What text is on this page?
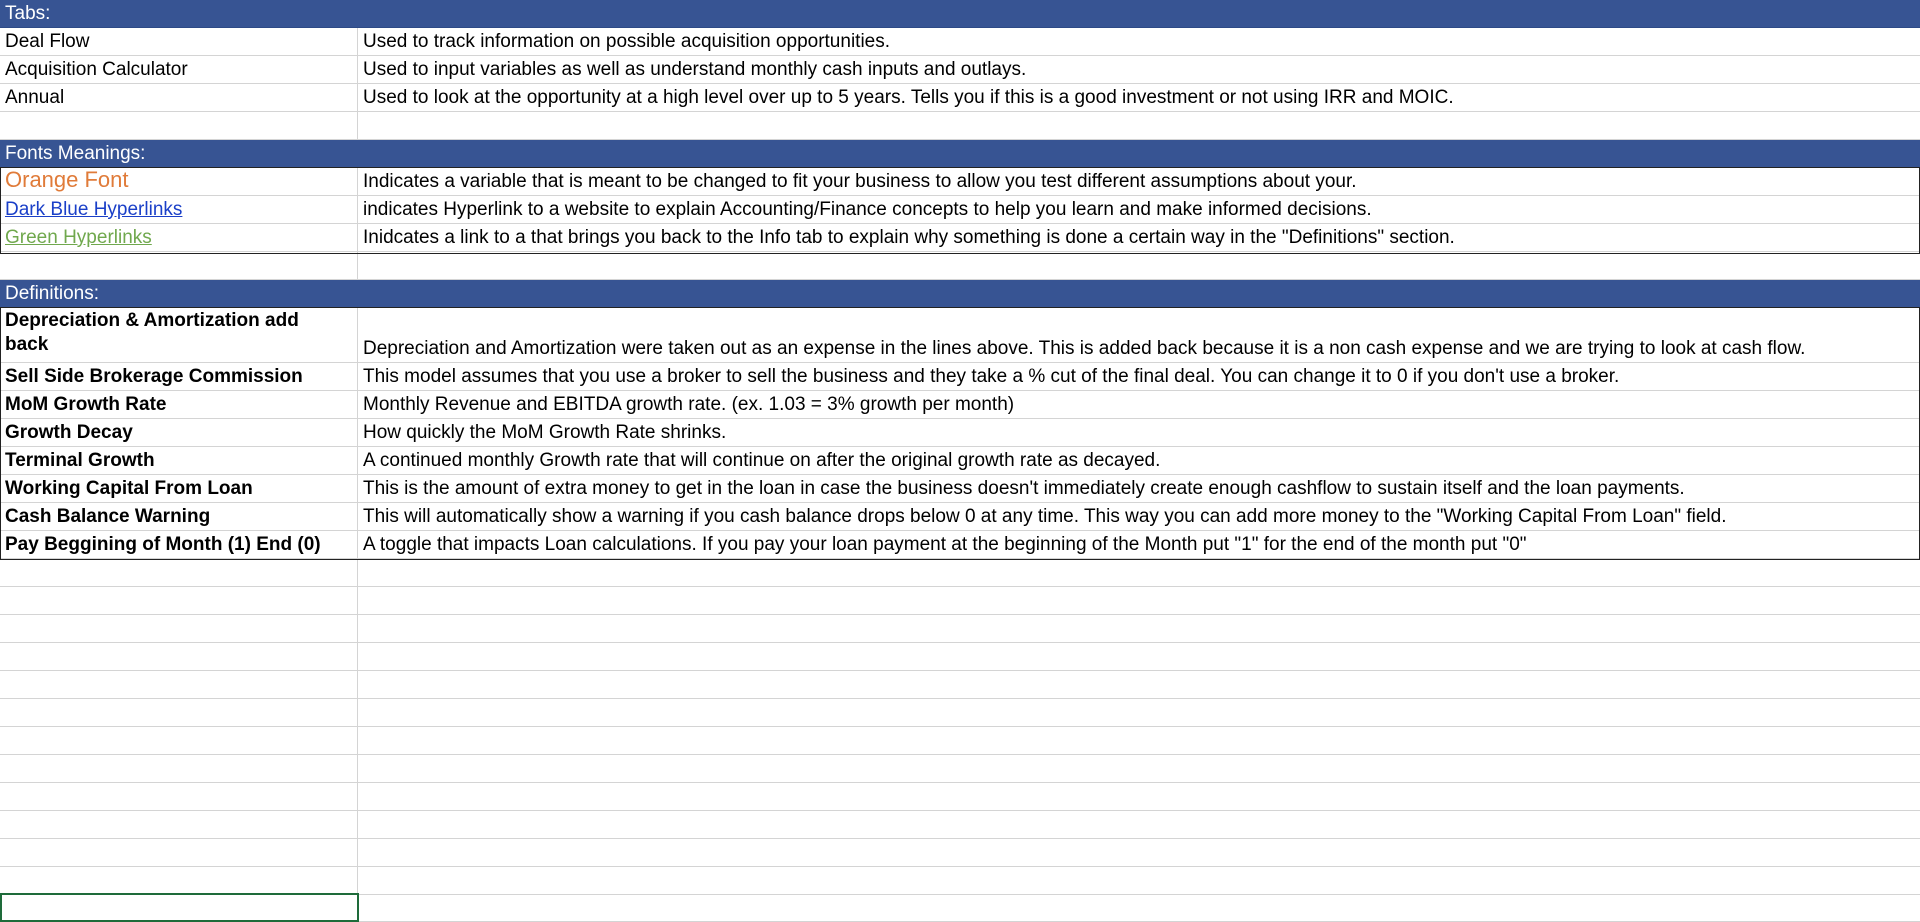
Tabs:
Deal Flow	Used to track information on possible acquisition opportunities.
Acquisition Calculator	Used to input variables as well as understand monthly cash inputs and outlays.
Annual	Used to look at the opportunity at a high level over up to 5 years. Tells you if this is a good investment or not using IRR and MOIC.
Fonts Meanings:
Orange Font	Indicates a variable that is meant to be changed to fit your business to allow you test different assumptions about your.
Dark Blue Hyperlinks	indicates Hyperlink to a website to explain Accounting/Finance concepts to help you learn and make informed decisions.
Green Hyperlinks	Inidcates a link to a that brings you back to the Info tab to explain why something is done a certain way in the "Definitions" section.
Definitions:
Depreciation & Amortization add back	Depreciation and Amortization were taken out as an expense in the lines above. This is added back because it is a non cash expense and we are trying to look at cash flow.
Sell Side Brokerage Commission	This model assumes that you use a broker to sell the business and they take a % cut of the final deal. You can change it to 0 if you don't use a broker.
MoM Growth Rate	Monthly Revenue and EBITDA growth rate. (ex. 1.03 = 3% growth per month)
Growth Decay	How quickly the MoM Growth Rate shrinks.
Terminal Growth	A continued monthly Growth rate that will continue on after the original growth rate as decayed.
Working Capital From Loan	This is the amount of extra money to get in the loan in case the business doesn't immediately create enough cashflow to sustain itself and the loan payments.
Cash Balance Warning	This will automatically show a warning if you cash balance drops below 0 at any time. This way you can add more money to the "Working Capital From Loan" field.
Pay Beggining of Month (1) End (0)	A toggle that impacts Loan calculations. If you pay your loan payment at the beginning of the Month put "1" for the end of the month put "0"
